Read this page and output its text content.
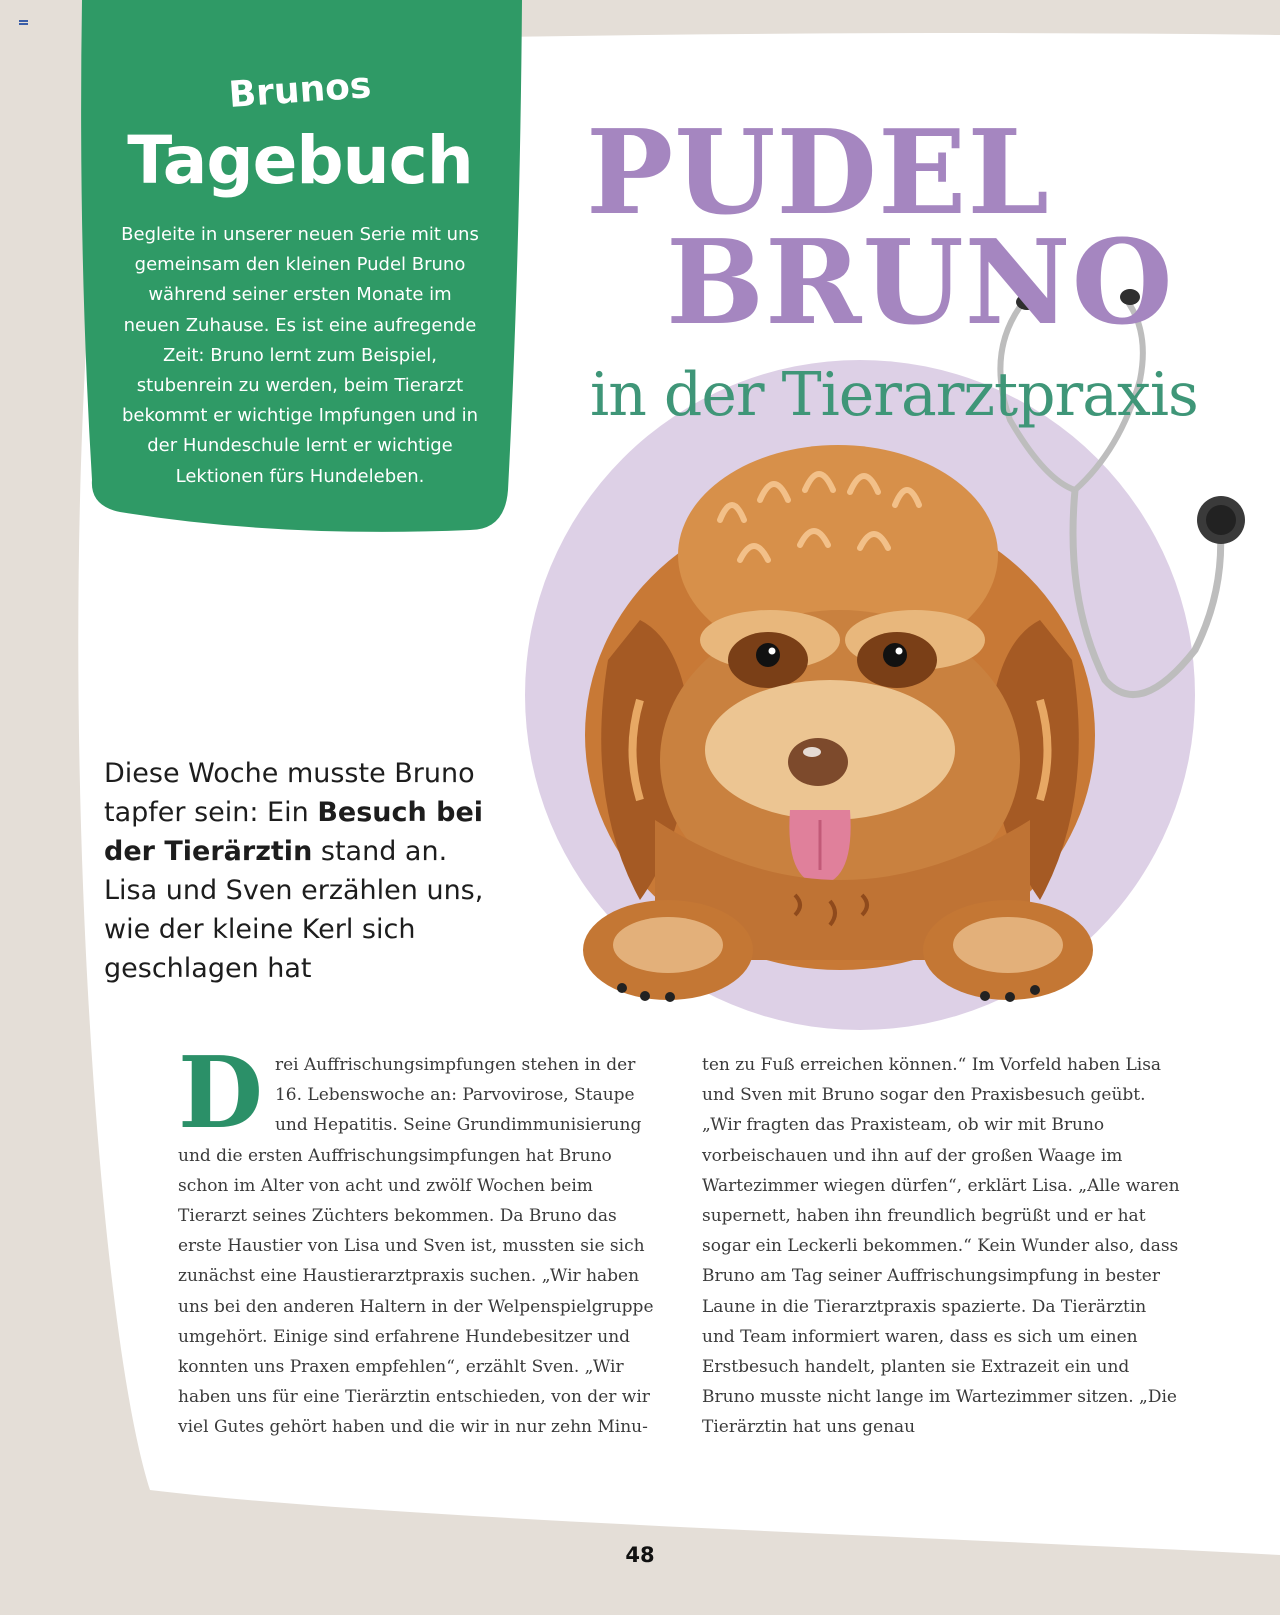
Brunos
Tagebuch

Begleite in unserer neuen Serie mit uns gemeinsam den kleinen Pudel Bruno während seiner ersten Monate im neuen Zuhause. Es ist eine aufregende Zeit: Bruno lernt zum Beispiel, stubenrein zu werden, beim Tierarzt bekommt er wichtige Impfungen und in der Hundeschule lernt er wichtige Lektionen fürs Hundeleben.

PUDEL
BRUNO
in der Tierarztpraxis

Diese Woche musste Bruno tapfer sein: Ein Besuch bei der Tierärztin stand an. Lisa und Sven erzählen uns, wie der kleine Kerl sich geschlagen hat

Drei Auffrischungsimpfungen stehen in der 16. Lebenswoche an: Parvovirose, Staupe und Hepatitis. Seine Grundimmunisierung und die ersten Auffrischungsimpfungen hat Bruno schon im Alter von acht und zwölf Wochen beim Tierarzt seines Züchters bekommen. Da Bruno das erste Haustier von Lisa und Sven ist, mussten sie sich zunächst eine Haustierarztpraxis suchen. „Wir haben uns bei den anderen Haltern in der Welpenspielgruppe umgehört. Einige sind erfahrene Hundebesitzer und konnten uns Praxen empfehlen“, erzählt Sven. „Wir haben uns für eine Tierärztin entschieden, von der wir viel Gutes gehört haben und die wir in nur zehn Minu-

ten zu Fuß erreichen können.“ Im Vorfeld haben Lisa und Sven mit Bruno sogar den Praxisbesuch geübt. „Wir fragten das Praxisteam, ob wir mit Bruno vorbeischauen und ihn auf der großen Waage im Wartezimmer wiegen dürfen“, erklärt Lisa. „Alle waren supernett, haben ihn freundlich begrüßt und er hat sogar ein Leckerli bekommen.“ Kein Wunder also, dass Bruno am Tag seiner Auffrischungsimpfung in bester Laune in die Tierarztpraxis spazierte. Da Tierärztin und Team informiert waren, dass es sich um einen Erstbesuch handelt, planten sie Extrazeit ein und Bruno musste nicht lange im Wartezimmer sitzen. „Die Tierärztin hat uns genau

48
